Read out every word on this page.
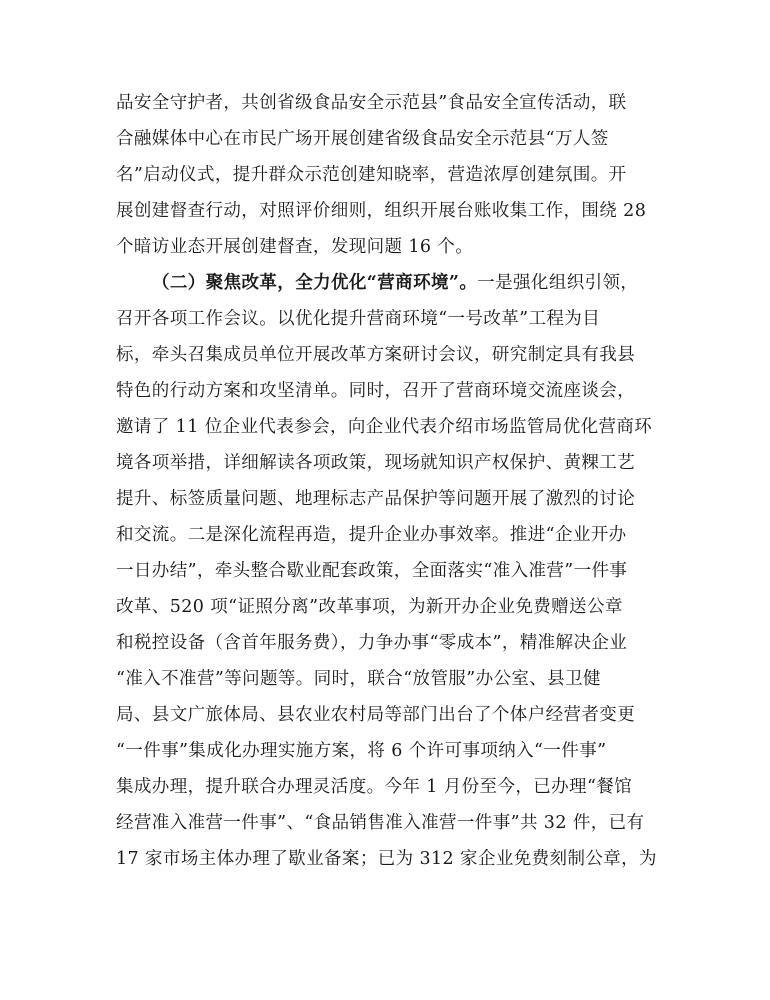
品安全守护者，共创省级食品安全示范县”食品安全宣传活动，联
合融媒体中心在市民广场开展创建省级食品安全示范县“万人签
名”启动仪式，提升群众示范创建知晓率，营造浓厚创建氛围。开
展创建督查行动，对照评价细则，组织开展台账收集工作，围绕 28
个暗访业态开展创建督查，发现问题 16 个。
（二）聚焦改革，全力优化“营商环境”。一是强化组织引领，
召开各项工作会议。以优化提升营商环境“一号改革”工程为目
标，牵头召集成员单位开展改革方案研讨会议，研究制定具有我县
特色的行动方案和攻坚清单。同时，召开了营商环境交流座谈会，
邀请了 11 位企业代表参会，向企业代表介绍市场监管局优化营商环
境各项举措，详细解读各项政策，现场就知识产权保护、黄粿工艺
提升、标签质量问题、地理标志产品保护等问题开展了激烈的讨论
和交流。二是深化流程再造，提升企业办事效率。推进“企业开办
一日办结”，牵头整合歇业配套政策，全面落实“准入准营”一件事
改革、520 项“证照分离”改革事项，为新开办企业免费赠送公章
和税控设备（含首年服务费），力争办事“零成本”，精准解决企业
“准入不准营”等问题等。同时，联合“放管服”办公室、县卫健
局、县文广旅体局、县农业农村局等部门出台了个体户经营者变更
“一件事”集成化办理实施方案，将 6 个许可事项纳入“一件事”
集成办理，提升联合办理灵活度。今年 1 月份至今，已办理“餐馆
经营准入准营一件事”、“食品销售准入准营一件事”共 32 件，已有
17 家市场主体办理了歇业备案；已为 312 家企业免费刻制公章，为
